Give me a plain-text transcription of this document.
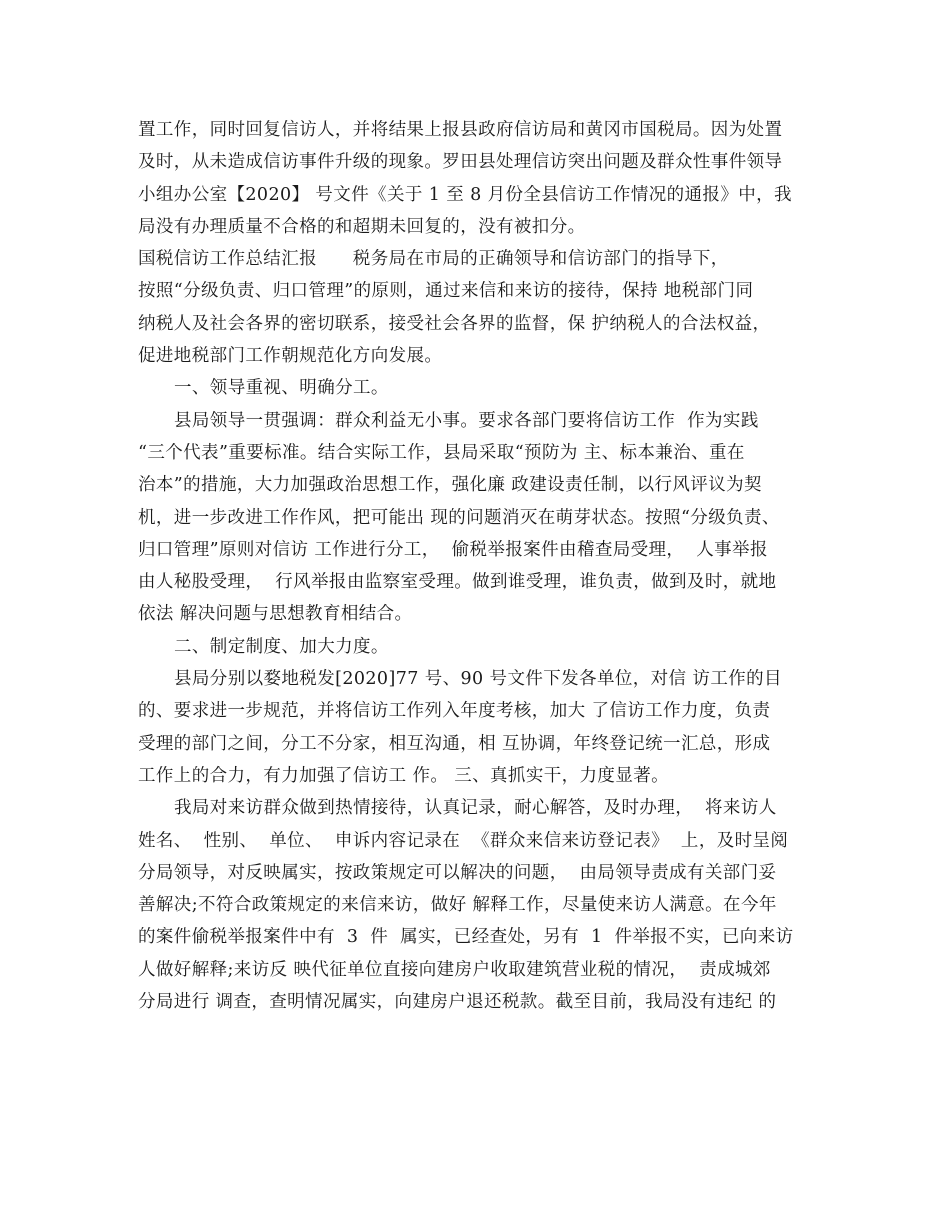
置工作，同时回复信访人，并将结果上报县政府信访局和黄冈市国税局。因为处置
及时，从未造成信访事件升级的现象。罗田县处理信访突出问题及群众性事件领导
小组办公室【2020】 号文件《关于 1 至 8 月份全县信访工作情况的通报》中，我
局没有办理质量不合格的和超期未回复的，没有被扣分。
国税信访工作总结汇报　　税务局在市局的正确领导和信访部门的指导下，
按照“分级负责、归口管理”的原则，通过来信和来访的接待，保持 地税部门同
纳税人及社会各界的密切联系，接受社会各界的监督，保 护纳税人的合法权益，
促进地税部门工作朝规范化方向发展。
一、领导重视、明确分工。
县局领导一贯强调：群众利益无小事。要求各部门要将信访工作  作为实践
“三个代表”重要标准。结合实际工作，县局采取“预防为 主、标本兼治、重在
治本”的措施，大力加强政治思想工作，强化廉 政建设责任制，以行风评议为契
机，进一步改进工作作风，把可能出 现的问题消灭在萌芽状态。按照“分级负责、
归口管理”原则对信访 工作进行分工，  偷税举报案件由稽查局受理，  人事举报
由人秘股受理，  行风举报由监察室受理。做到谁受理，谁负责，做到及时，就地
依法 解决问题与思想教育相结合。
二、制定制度、加大力度。
县局分别以婺地税发[2020]77 号、90 号文件下发各单位，对信 访工作的目
的、要求进一步规范，并将信访工作列入年度考核，加大 了信访工作力度，负责
受理的部门之间，分工不分家，相互沟通，相 互协调，年终登记统一汇总，形成
工作上的合力，有力加强了信访工 作。 三、真抓实干，力度显著。
我局对来访群众做到热情接待，认真记录，耐心解答，及时办理，  将来访人
姓名、  性别、  单位、  申诉内容记录在  《群众来信来访登记表》  上，及时呈阅
分局领导，对反映属实，按政策规定可以解决的问题，  由局领导责成有关部门妥
善解决;不符合政策规定的来信来访，做好 解释工作，尽量使来访人满意。在今年
的案件偷税举报案件中有  3  件  属实，已经查处，另有  1  件举报不实，已向来访
人做好解释;来访反 映代征单位直接向建房户收取建筑营业税的情况，  责成城郊
分局进行 调查，查明情况属实，向建房户退还税款。截至目前，我局没有违纪 的
